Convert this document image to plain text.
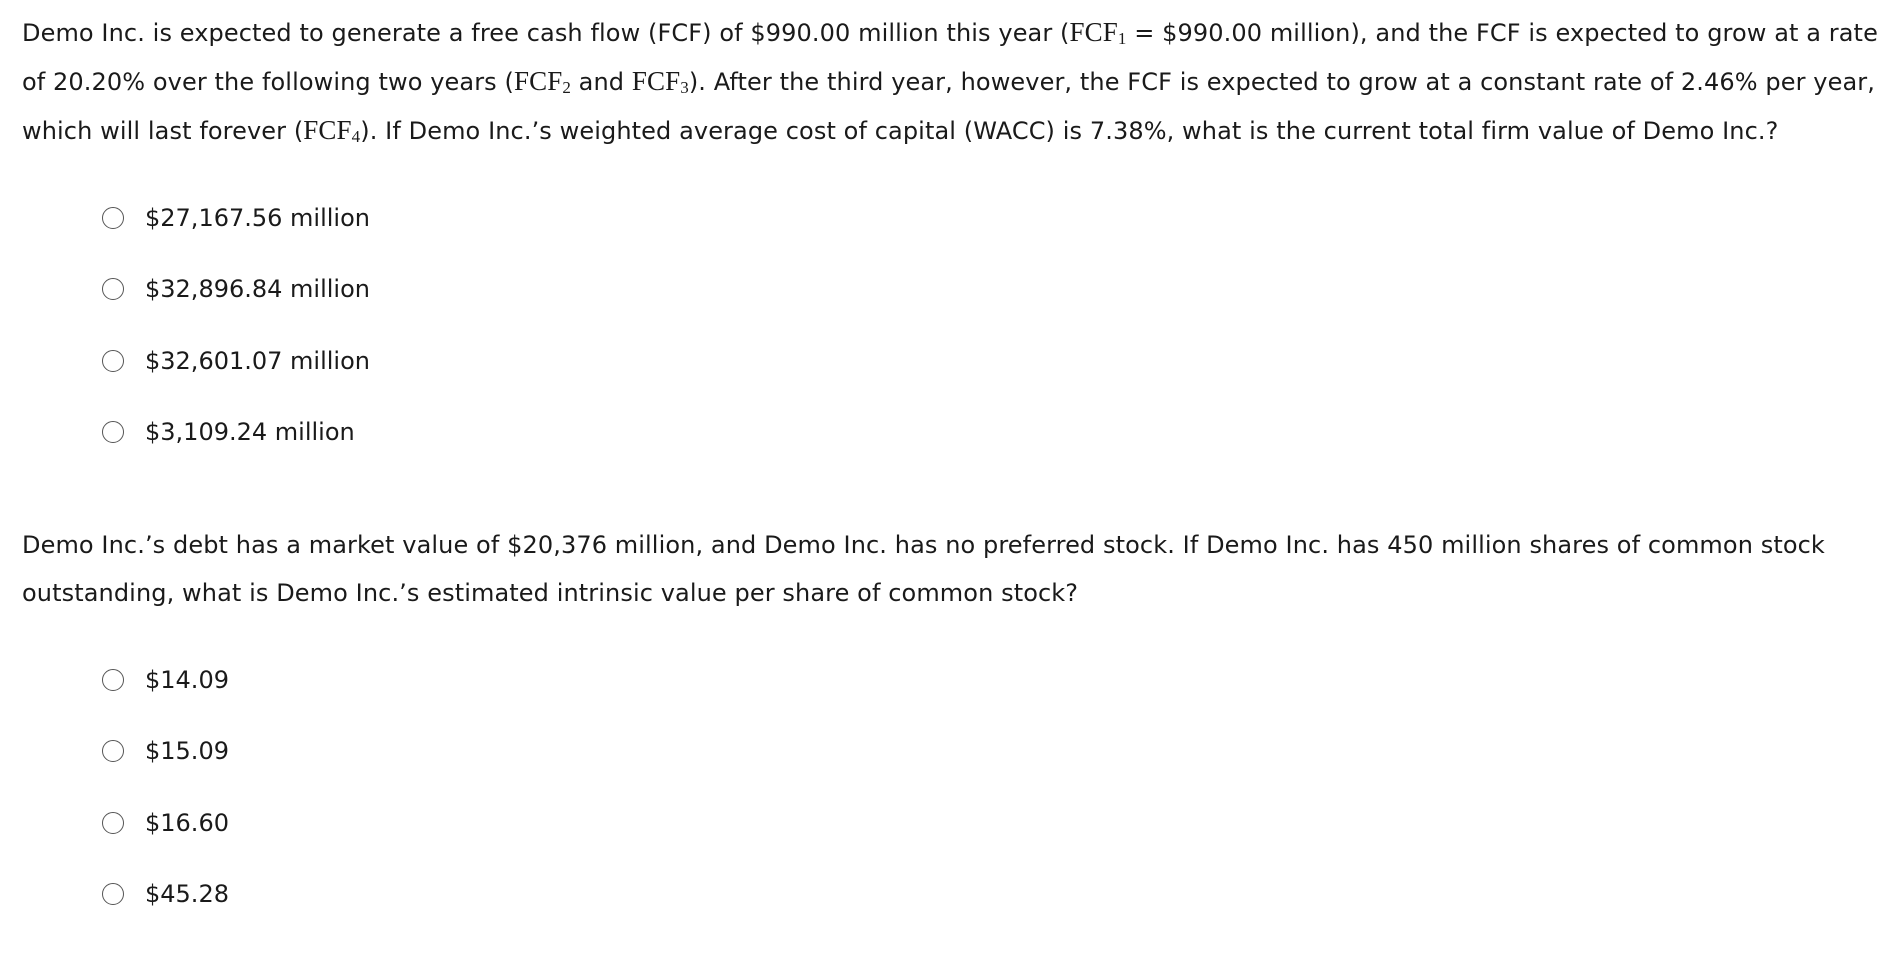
Demo Inc. is expected to generate a free cash flow (FCF) of $990.00 million this year ($FCF_1$ = $990.00 million), and the FCF is expected to grow at a rate of 20.20% over the following two years ($FCF_2$ and $FCF_3$). After the third year, however, the FCF is expected to grow at a constant rate of 2.46% per year, which will last forever $(FCF_4)$. If Demo Inc.’s weighted average cost of capital (WACC) is 7.38%, what is the current total firm value of Demo Inc.?

$27,167.56 million
$32,896.84 million
$32,601.07 million
$3,109.24 million

Demo Inc.’s debt has a market value of $20,376 million, and Demo Inc. has no preferred stock. If Demo Inc. has 450 million shares of common stock outstanding, what is Demo Inc.’s estimated intrinsic value per share of common stock?

$14.09
$15.09
$16.60
$45.28
